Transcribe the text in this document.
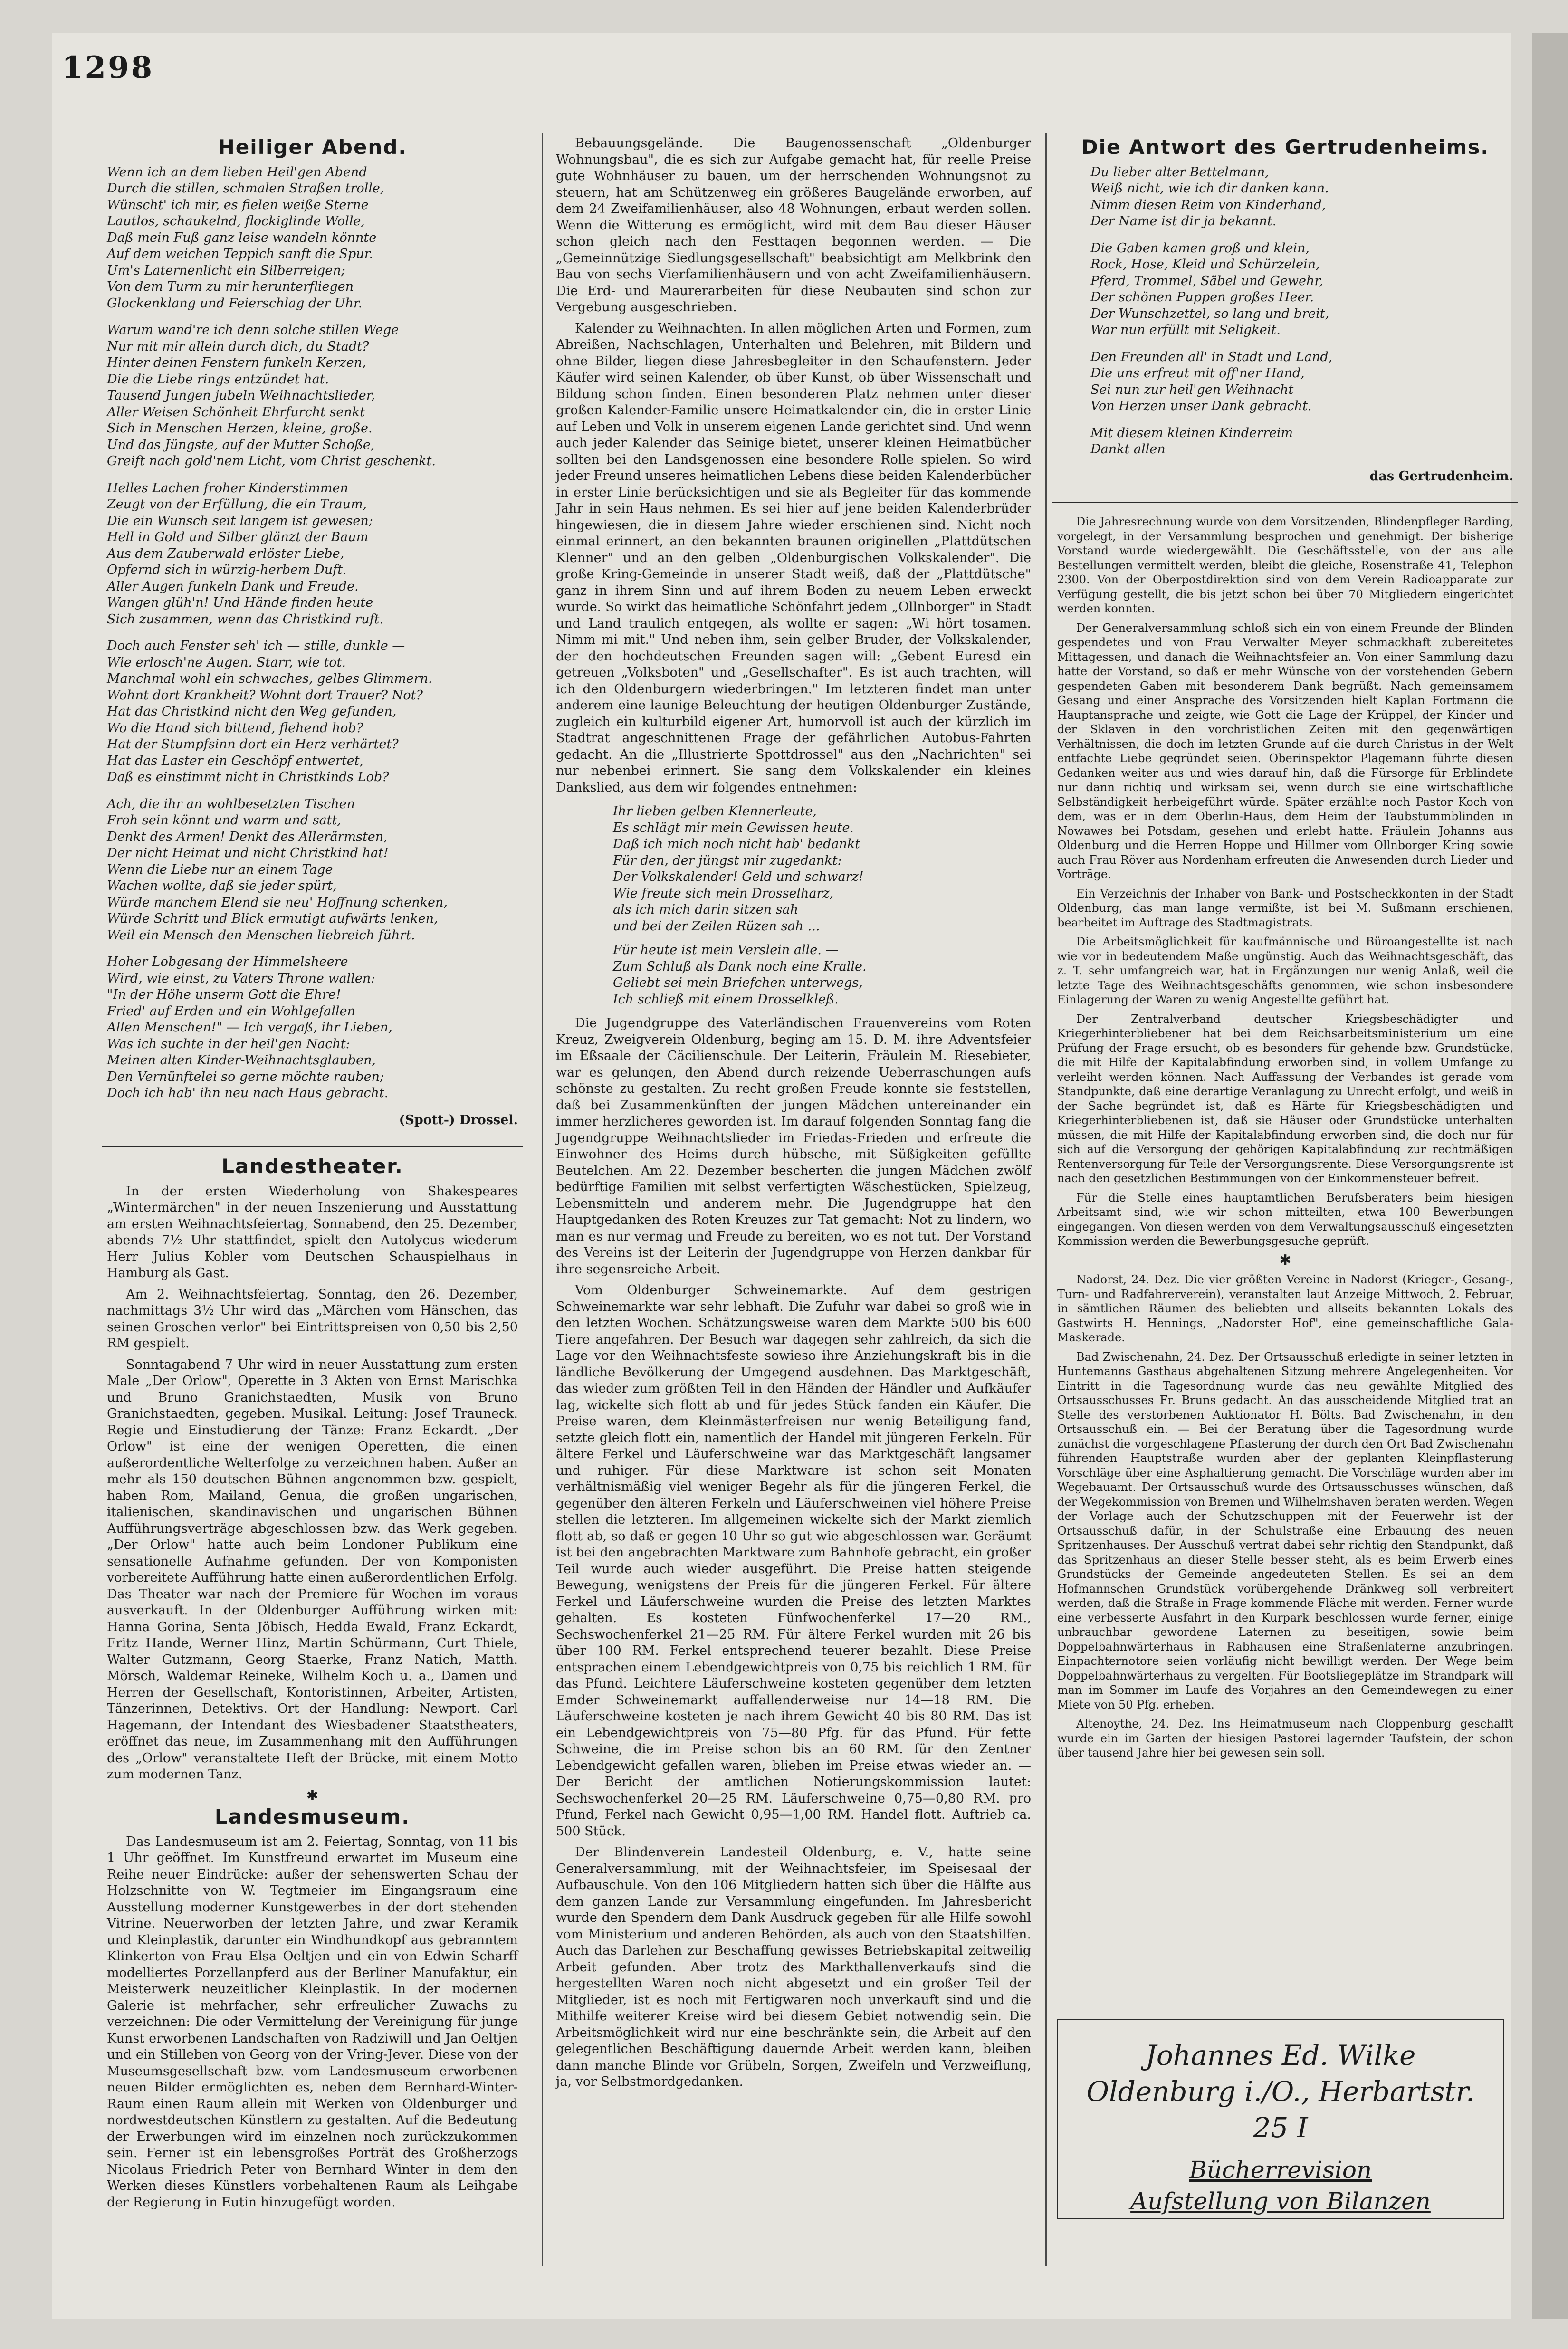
1298
Heiliger Abend.

Wenn ich an dem lieben Heil'gen Abend
Durch die stillen, schmalen Straßen trolle,
Wünscht' ich mir, es fielen weiße Sterne
Lautlos, schaukelnd, flockiglinde Wolle,
Daß mein Fuß ganz leise wandeln könnte
Auf dem weichen Teppich sanft die Spur.
Um's Laternenlicht ein Silberreigen;
Von dem Turm zu mir herunterfliegen
Glockenklang und Feierschlag der Uhr.

Warum wand're ich denn solche stillen Wege
Nur mit mir allein durch dich, du Stadt?
Hinter deinen Fenstern funkeln Kerzen,
Die die Liebe rings entzündet hat.
Tausend Jungen jubeln Weihnachtslieder,
Aller Weisen Schönheit Ehrfurcht senkt
Sich in Menschen Herzen, kleine, große.
Und das Jüngste, auf der Mutter Schoße,
Greift nach gold'nem Licht, vom Christ geschenkt.

Helles Lachen froher Kinderstimmen
Zeugt von der Erfüllung, die ein Traum,
Die ein Wunsch seit langem ist gewesen;
Hell in Gold und Silber glänzt der Baum
Aus dem Zauberwald erlöster Liebe,
Opfernd sich in würzig-herbem Duft.
Aller Augen funkeln Dank und Freude.
Wangen glüh'n! Und Hände finden heute
Sich zusammen, wenn das Christkind ruft.

Doch auch Fenster seh' ich — stille, dunkle —
Wie erlosch'ne Augen. Starr, wie tot.
Manchmal wohl ein schwaches, gelbes Glimmern.
Wohnt dort Krankheit? Wohnt dort Trauer? Not?
Hat das Christkind nicht den Weg gefunden,
Wo die Hand sich bittend, flehend hob?
Hat der Stumpfsinn dort ein Herz verhärtet?
Hat das Laster ein Geschöpf entwertet,
Daß es einstimmt nicht in Christkinds Lob?

Ach, die ihr an wohlbesetzten Tischen
Froh sein könnt und warm und satt,
Denkt des Armen! Denkt des Allerärmsten,
Der nicht Heimat und nicht Christkind hat!
Wenn die Liebe nur an einem Tage
Wachen wollte, daß sie jeder spürt,
Würde manchem Elend sie neu' Hoffnung schenken,
Würde Schritt und Blick ermutigt aufwärts lenken,
Weil ein Mensch den Menschen liebreich führt.

Hoher Lobgesang der Himmelsheere
Wird, wie einst, zu Vaters Throne wallen:
"In der Höhe unserm Gott die Ehre!
Fried' auf Erden und ein Wohlgefallen
Allen Menschen!" — Ich vergaß, ihr Lieben,
Was ich suchte in der heil'gen Nacht:
Meinen alten Kinder-Weihnachtsglauben,
Den Vernünftelei so gerne möchte rauben;
Doch ich hab' ihn neu nach Haus gebracht.

(Spott-) Drossel.
Landestheater.

In der ersten Wiederholung von Shakespeares „Wintermärchen" in der neuen Inszenierung und Ausstattung am ersten Weihnachtsfeiertag, Sonnabend, den 25. Dezember, abends 7½ Uhr stattfindet, spielt den Autolycus wiederum Herr Julius Kobler vom Deutschen Schauspielhaus in Hamburg als Gast.

Am 2. Weihnachtsfeiertag, Sonntag, den 26. Dezember, nachmittags 3½ Uhr wird das „Märchen vom Hänschen, das seinen Groschen verlor" bei Eintrittspreisen von 0,50 bis 2,50 RM gespielt.

Sonntagabend 7 Uhr wird in neuer Ausstattung zum ersten Male „Der Orlow", Operette in 3 Akten von Ernst Marischka und Bruno Granichstaedten, Musik von Bruno Granichstaedten, gegeben. Musikal. Leitung: Josef Trauneck. Regie und Einstudierung der Tänze: Franz Eckardt. „Der Orlow" ist eine der wenigen Operetten, die einen außerordentliche Welterfolge zu verzeichnen haben. Außer an mehr als 150 deutschen Bühnen angenommen bzw. gespielt, haben Rom, Mailand, Genua, die großen ungarischen, italienischen, skandinavischen und ungarischen Bühnen Aufführungsverträge abgeschlossen bzw. das Werk gegeben. „Der Orlow" hatte auch beim Londoner Publikum eine sensationelle Aufnahme gefunden. Der von Komponisten vorbereitete Aufführung hatte einen außerordentlichen Erfolg. Das Theater war nach der Premiere für Wochen im voraus ausverkauft. In der Oldenburger Aufführung wirken mit: Hanna Gorina, Senta Jöbisch, Hedda Ewald, Franz Eckardt, Fritz Hande, Werner Hinz, Martin Schürmann, Curt Thiele, Walter Gutzmann, Georg Staerke, Franz Natich, Matth. Mörsch, Waldemar Reineke, Wilhelm Koch u. a., Damen und Herren der Gesellschaft, Kontoristinnen, Arbeiter, Artisten, Tänzerinnen, Detektivs. Ort der Handlung: Newport. Carl Hagemann, der Intendant des Wiesbadener Staatstheaters, eröffnet das neue, im Zusammenhang mit den Aufführungen des „Orlow" veranstaltete Heft der Brücke, mit einem Motto zum modernen Tanz.

✱
Landesmuseum.

Das Landesmuseum ist am 2. Feiertag, Sonntag, von 11 bis 1 Uhr geöffnet. Im Kunstfreund erwartet im Museum eine Reihe neuer Eindrücke: außer der sehenswerten Schau der Holzschnitte von W. Tegtmeier im Eingangsraum eine Ausstellung moderner Kunstgewerbes in der dort stehenden Vitrine. Neuerworben der letzten Jahre, und zwar Keramik und Kleinplastik, darunter ein Windhundkopf aus gebranntem Klinkerton von Frau Elsa Oeltjen und ein von Edwin Scharff modelliertes Porzellanpferd aus der Berliner Manufaktur, ein Meisterwerk neuzeitlicher Kleinplastik. In der modernen Galerie ist mehrfacher, sehr erfreulicher Zuwachs zu verzeichnen: Die oder Vermittelung der Vereinigung für junge Kunst erworbenen Landschaften von Radziwill und Jan Oeltjen und ein Stilleben von Georg von der Vring-Jever. Diese von der Museumsgesellschaft bzw. vom Landesmuseum erworbenen neuen Bilder ermöglichten es, neben dem Bernhard-Winter-Raum einen Raum allein mit Werken von Oldenburger und nordwestdeutschen Künstlern zu gestalten. Auf die Bedeutung der Erwerbungen wird im einzelnen noch zurückzukommen sein. Ferner ist ein lebensgroßes Porträt des Großherzogs Nicolaus Friedrich Peter von Bernhard Winter in dem den Werken dieses Künstlers vorbehaltenen Raum als Leihgabe der Regierung in Eutin hinzugefügt worden.

Bebauungsgelände. Die Baugenossenschaft „Oldenburger Wohnungsbau", die es sich zur Aufgabe gemacht hat, für reelle Preise gute Wohnhäuser zu bauen, um der herrschenden Wohnungsnot zu steuern, hat am Schützenweg ein größeres Baugelände erworben, auf dem 24 Zweifamilienhäuser, also 48 Wohnungen, erbaut werden sollen. Wenn die Witterung es ermöglicht, wird mit dem Bau dieser Häuser schon gleich nach den Festtagen begonnen werden. — Die „Gemeinnützige Siedlungsgesellschaft" beabsichtigt am Melkbrink den Bau von sechs Vierfamilienhäusern und von acht Zweifamilienhäusern. Die Erd- und Maurerarbeiten für diese Neubauten sind schon zur Vergebung ausgeschrieben.

Kalender zu Weihnachten. In allen möglichen Arten und Formen, zum Abreißen, Nachschlagen, Unterhalten und Belehren, mit Bildern und ohne Bilder, liegen diese Jahresbegleiter in den Schaufenstern. Jeder Käufer wird seinen Kalender, ob über Kunst, ob über Wissenschaft und Bildung schon finden. Einen besonderen Platz nehmen unter dieser großen Kalender-Familie unsere Heimatkalender ein, die in erster Linie auf Leben und Volk in unserem eigenen Lande gerichtet sind. Und wenn auch jeder Kalender das Seinige bietet, unserer kleinen Heimatbücher sollten bei den Landsgenossen eine besondere Rolle spielen. So wird jeder Freund unseres heimatlichen Lebens diese beiden Kalenderbücher in erster Linie berücksichtigen und sie als Begleiter für das kommende Jahr in sein Haus nehmen. Es sei hier auf jene beiden Kalenderbrüder hingewiesen, die in diesem Jahre wieder erschienen sind. Nicht noch einmal erinnert, an den bekannten braunen originellen „Plattdütschen Klenner" und an den gelben „Oldenburgischen Volkskalender". Die große Kring-Gemeinde in unserer Stadt weiß, daß der „Plattdütsche" ganz in ihrem Sinn und auf ihrem Boden zu neuem Leben erweckt wurde. So wirkt das heimatliche Schönfahrt jedem „Ollnborger" in Stadt und Land traulich entgegen, als wollte er sagen: „Wi hört tosamen. Nimm mi mit." Und neben ihm, sein gelber Bruder, der Volkskalender, der den hochdeutschen Freunden sagen will: „Gebent Euresd ein getreuen „Volksboten" und „Gesellschafter". Es ist auch trachten, will ich den Oldenburgern wiederbringen." Im letzteren findet man unter anderem eine launige Beleuchtung der heutigen Oldenburger Zustände, zugleich ein kulturbild eigener Art, humorvoll ist auch der kürzlich im Stadtrat angeschnittenen Frage der gefährlichen Autobus-Fahrten gedacht. An die „Illustrierte Spottdrossel" aus den „Nachrichten" sei nur nebenbei erinnert. Sie sang dem Volkskalender ein kleines Dankslied, aus dem wir folgendes entnehmen:

Ihr lieben gelben Klennerleute,
Es schlägt mir mein Gewissen heute.
Daß ich mich noch nicht hab' bedankt
Für den, der jüngst mir zugedankt:
Der Volkskalender! Geld und schwarz!
Wie freute sich mein Drosselharz,
als ich mich darin sitzen sah
und bei der Zeilen Rüzen sah ...
Für heute ist mein Verslein alle. —
Zum Schluß als Dank noch eine Kralle.
Geliebt sei mein Briefchen unterwegs,
Ich schließ mit einem Drosselkleß.

Die Jugendgruppe des Vaterländischen Frauenvereins vom Roten Kreuz, Zweigverein Oldenburg, beging am 15. D. M. ihre Adventsfeier im Eßsaale der Cäcilienschule. Der Leiterin, Fräulein M. Riesebieter, war es gelungen, den Abend durch reizende Ueberraschungen aufs schönste zu gestalten. Zu recht großen Freude konnte sie feststellen, daß bei Zusammenkünften der jungen Mädchen untereinander ein immer herzlicheres geworden ist. Im darauf folgenden Sonntag fang die Jugendgruppe Weihnachtslieder im Friedas-Frieden und erfreute die Einwohner des Heims durch hübsche, mit Süßigkeiten gefüllte Beutelchen. Am 22. Dezember bescherten die jungen Mädchen zwölf bedürftige Familien mit selbst verfertigten Wäschestücken, Spielzeug, Lebensmitteln und anderem mehr. Die Jugendgruppe hat den Hauptgedanken des Roten Kreuzes zur Tat gemacht: Not zu lindern, wo man es nur vermag und Freude zu bereiten, wo es not tut. Der Vorstand des Vereins ist der Leiterin der Jugendgruppe von Herzen dankbar für ihre segensreiche Arbeit.

Vom Oldenburger Schweinemarkte. Auf dem gestrigen Schweinemarkte war sehr lebhaft. Die Zufuhr war dabei so groß wie in den letzten Wochen. Schätzungsweise waren dem Markte 500 bis 600 Tiere angefahren. Der Besuch war dagegen sehr zahlreich, da sich die Lage vor den Weihnachtsfeste sowieso ihre Anziehungskraft bis in die ländliche Bevölkerung der Umgegend ausdehnen. Das Marktgeschäft, das wieder zum größten Teil in den Händen der Händler und Aufkäufer lag, wickelte sich flott ab und für jedes Stück fanden ein Käufer. Die Preise waren, dem Kleinmästerfreisen nur wenig Beteiligung fand, setzte gleich flott ein, namentlich der Handel mit jüngeren Ferkeln. Für ältere Ferkel und Läuferschweine war das Marktgeschäft langsamer und ruhiger. Für diese Marktware ist schon seit Monaten verhältnismäßig viel weniger Begehr als für die jüngeren Ferkel, die gegenüber den älteren Ferkeln und Läuferschweinen viel höhere Preise stellen die letzteren. Im allgemeinen wickelte sich der Markt ziemlich flott ab, so daß er gegen 10 Uhr so gut wie abgeschlossen war. Geräumt ist bei den angebrachten Marktware zum Bahnhofe gebracht, ein großer Teil wurde auch wieder ausgeführt. Die Preise hatten steigende Bewegung, wenigstens der Preis für die jüngeren Ferkel. Für ältere Ferkel und Läuferschweine wurden die Preise des letzten Marktes gehalten. Es kosteten Fünfwochenferkel 17—20 RM., Sechswochenferkel 21—25 RM. Für ältere Ferkel wurden mit 26 bis über 100 RM. Ferkel entsprechend teuerer bezahlt. Diese Preise entsprachen einem Lebendgewichtpreis von 0,75 bis reichlich 1 RM. für das Pfund. Leichtere Läuferschweine kosteten gegenüber dem letzten Emder Schweinemarkt auffallenderweise nur 14—18 RM. Die Läuferschweine kosteten je nach ihrem Gewicht 40 bis 80 RM. Das ist ein Lebendgewichtpreis von 75—80 Pfg. für das Pfund. Für fette Schweine, die im Preise schon bis an 60 RM. für den Zentner Lebendgewicht gefallen waren, blieben im Preise etwas wieder an. — Der Bericht der amtlichen Notierungskommission lautet: Sechswochenferkel 20—25 RM. Läuferschweine 0,75—0,80 RM. pro Pfund, Ferkel nach Gewicht 0,95—1,00 RM. Handel flott. Auftrieb ca. 500 Stück.

Der Blindenverein Landesteil Oldenburg, e. V., hatte seine Generalversammlung, mit der Weihnachtsfeier, im Speisesaal der Aufbauschule. Von den 106 Mitgliedern hatten sich über die Hälfte aus dem ganzen Lande zur Versammlung eingefunden. Im Jahresbericht wurde den Spendern dem Dank Ausdruck gegeben für alle Hilfe sowohl vom Ministerium und anderen Behörden, als auch von den Staatshilfen. Auch das Darlehen zur Beschaffung gewisses Betriebskapital zeitweilig Arbeit gefunden. Aber trotz des Markthallenverkaufs sind die hergestellten Waren noch nicht abgesetzt und ein großer Teil der Mitglieder, ist es noch mit Fertigwaren noch unverkauft sind und die Mithilfe weiterer Kreise wird bei diesem Gebiet notwendig sein. Die Arbeitsmöglichkeit wird nur eine beschränkte sein, die Arbeit auf den gelegentlichen Beschäftigung dauernde Arbeit werden kann, bleiben dann manche Blinde vor Grübeln, Sorgen, Zweifeln und Verzweiflung, ja, vor Selbstmordgedanken.

Die Antwort des Gertrudenheims.

Du lieber alter Bettelmann,
Weiß nicht, wie ich dir danken kann.
Nimm diesen Reim von Kinderhand,
Der Name ist dir ja bekannt.

Die Gaben kamen groß und klein,
Rock, Hose, Kleid und Schürzelein,
Pferd, Trommel, Säbel und Gewehr,
Der schönen Puppen großes Heer.
Der Wunschzettel, so lang und breit,
War nun erfüllt mit Seligkeit.

Den Freunden all' in Stadt und Land,
Die uns erfreut mit off'ner Hand,
Sei nun zur heil'gen Weihnacht
Von Herzen unser Dank gebracht.

Mit diesem kleinen Kinderreim
Dankt allen

das Gertrudenheim.

Die Jahresrechnung wurde von dem Vorsitzenden, Blindenpfleger Barding, vorgelegt, in der Versammlung besprochen und genehmigt. Der bisherige Vorstand wurde wiedergewählt. Die Geschäftsstelle, von der aus alle Bestellungen vermittelt werden, bleibt die gleiche, Rosenstraße 41, Telephon 2300. Von der Oberpostdirektion sind von dem Verein Radioapparate zur Verfügung gestellt, die bis jetzt schon bei über 70 Mitgliedern eingerichtet werden konnten.

Der Generalversammlung schloß sich ein von einem Freunde der Blinden gespendetes und von Frau Verwalter Meyer schmackhaft zubereitetes Mittagessen, und danach die Weihnachtsfeier an. Von einer Sammlung dazu hatte der Vorstand, so daß er mehr Wünsche von der vorstehenden Gebern gespendeten Gaben mit besonderem Dank begrüßt. Nach gemeinsamem Gesang und einer Ansprache des Vorsitzenden hielt Kaplan Fortmann die Hauptansprache und zeigte, wie Gott die Lage der Krüppel, der Kinder und der Sklaven in den vorchristlichen Zeiten mit den gegenwärtigen Verhältnissen, die doch im letzten Grunde auf die durch Christus in der Welt entfachte Liebe gegründet seien. Oberinspektor Plagemann führte diesen Gedanken weiter aus und wies darauf hin, daß die Fürsorge für Erblindete nur dann richtig und wirksam sei, wenn durch sie eine wirtschaftliche Selbständigkeit herbeigeführt würde. Später erzählte noch Pastor Koch von dem, was er in dem Oberlin-Haus, dem Heim der Taubstummblinden in Nowawes bei Potsdam, gesehen und erlebt hatte. Fräulein Johanns aus Oldenburg und die Herren Hoppe und Hillmer vom Ollnborger Kring sowie auch Frau Röver aus Nordenham erfreuten die Anwesenden durch Lieder und Vorträge.

Ein Verzeichnis der Inhaber von Bank- und Postscheckkonten in der Stadt Oldenburg, das man lange vermißte, ist bei M. Sußmann erschienen, bearbeitet im Auftrage des Stadtmagistrats.

Die Arbeitsmöglichkeit für kaufmännische und Büroangestellte ist nach wie vor in bedeutendem Maße ungünstig. Auch das Weihnachtsgeschäft, das z. T. sehr umfangreich war, hat in Ergänzungen nur wenig Anlaß, weil die letzte Tage des Weihnachtsgeschäfts genommen, wie schon insbesondere Einlagerung der Waren zu wenig Angestellte geführt hat.

Der Zentralverband deutscher Kriegsbeschädigter und Kriegerhinterbliebener hat bei dem Reichsarbeitsministerium um eine Prüfung der Frage ersucht, ob es besonders für gehende bzw. Grundstücke, die mit Hilfe der Kapitalabfindung erworben sind, in vollem Umfange zu verleiht werden können. Nach Auffassung der Verbandes ist gerade vom Standpunkte, daß eine derartige Veranlagung zu Unrecht erfolgt, und weiß in der Sache begründet ist, daß es Härte für Kriegsbeschädigten und Kriegerhinterbliebenen ist, daß sie Häuser oder Grundstücke unterhalten müssen, die mit Hilfe der Kapitalabfindung erworben sind, die doch nur für sich auf die Versorgung der gehörigen Kapitalabfindung zur rechtmäßigen Rentenversorgung für Teile der Versorgungsrente. Diese Versorgungsrente ist nach den gesetzlichen Bestimmungen von der Einkommensteuer befreit.

Für die Stelle eines hauptamtlichen Berufsberaters beim hiesigen Arbeitsamt sind, wie wir schon mitteilten, etwa 100 Bewerbungen eingegangen. Von diesen werden von dem Verwaltungsausschuß eingesetzten Kommission werden die Bewerbungsgesuche geprüft.

✱

Nadorst, 24. Dez. Die vier größten Vereine in Nadorst (Krieger-, Gesang-, Turn- und Radfahrerverein), veranstalten laut Anzeige Mittwoch, 2. Februar, in sämtlichen Räumen des beliebten und allseits bekannten Lokals des Gastwirts H. Hennings, „Nadorster Hof", eine gemeinschaftliche Gala-Maskerade.

Bad Zwischenahn, 24. Dez. Der Ortsausschuß erledigte in seiner letzten in Huntemanns Gasthaus abgehaltenen Sitzung mehrere Angelegenheiten. Vor Eintritt in die Tagesordnung wurde das neu gewählte Mitglied des Ortsausschusses Fr. Bruns gedacht. An das ausscheidende Mitglied trat an Stelle des verstorbenen Auktionator H. Bölts. Bad Zwischenahn, in den Ortsausschuß ein. — Bei der Beratung über die Tagesordnung wurde zunächst die vorgeschlagene Pflasterung der durch den Ort Bad Zwischenahn führenden Hauptstraße wurden aber der geplanten Kleinpflasterung Vorschläge über eine Asphaltierung gemacht. Die Vorschläge wurden aber im Wegebauamt. Der Ortsausschuß wurde des Ortsausschusses wünschen, daß der Wegekommission von Bremen und Wilhelmshaven beraten werden. Wegen der Vorlage auch der Schutzschuppen mit der Feuerwehr ist der Ortsausschuß dafür, in der Schulstraße eine Erbauung des neuen Spritzenhauses. Der Ausschuß vertrat dabei sehr richtig den Standpunkt, daß das Spritzenhaus an dieser Stelle besser steht, als es beim Erwerb eines Grundstücks der Gemeinde angedeuteten Stellen. Es sei an dem Hofmannschen Grundstück vorübergehende Dränkweg soll verbreitert werden, daß die Straße in Frage kommende Fläche mit werden. Ferner wurde eine verbesserte Ausfahrt in den Kurpark beschlossen wurde ferner, einige unbrauchbar gewordene Laternen zu beseitigen, sowie beim Doppelbahnwärterhaus in Rabhausen eine Straßenlaterne anzubringen. Einpachternotore seien vorläufig nicht bewilligt werden. Der Wege beim Doppelbahnwärterhaus zu vergelten. Für Bootsliegeplätze im Strandpark will man im Sommer im Laufe des Vorjahres an den Gemeindewegen zu einer Miete von 50 Pfg. erheben.

Altenoythe, 24. Dez. Ins Heimatmuseum nach Cloppenburg geschafft wurde ein im Garten der hiesigen Pastorei lagernder Taufstein, der schon über tausend Jahre hier bei gewesen sein soll.

Johannes Ed. Wilke
Oldenburg i./O., Herbartstr. 25 I
Bücherrevision
Aufstellung von Bilanzen
